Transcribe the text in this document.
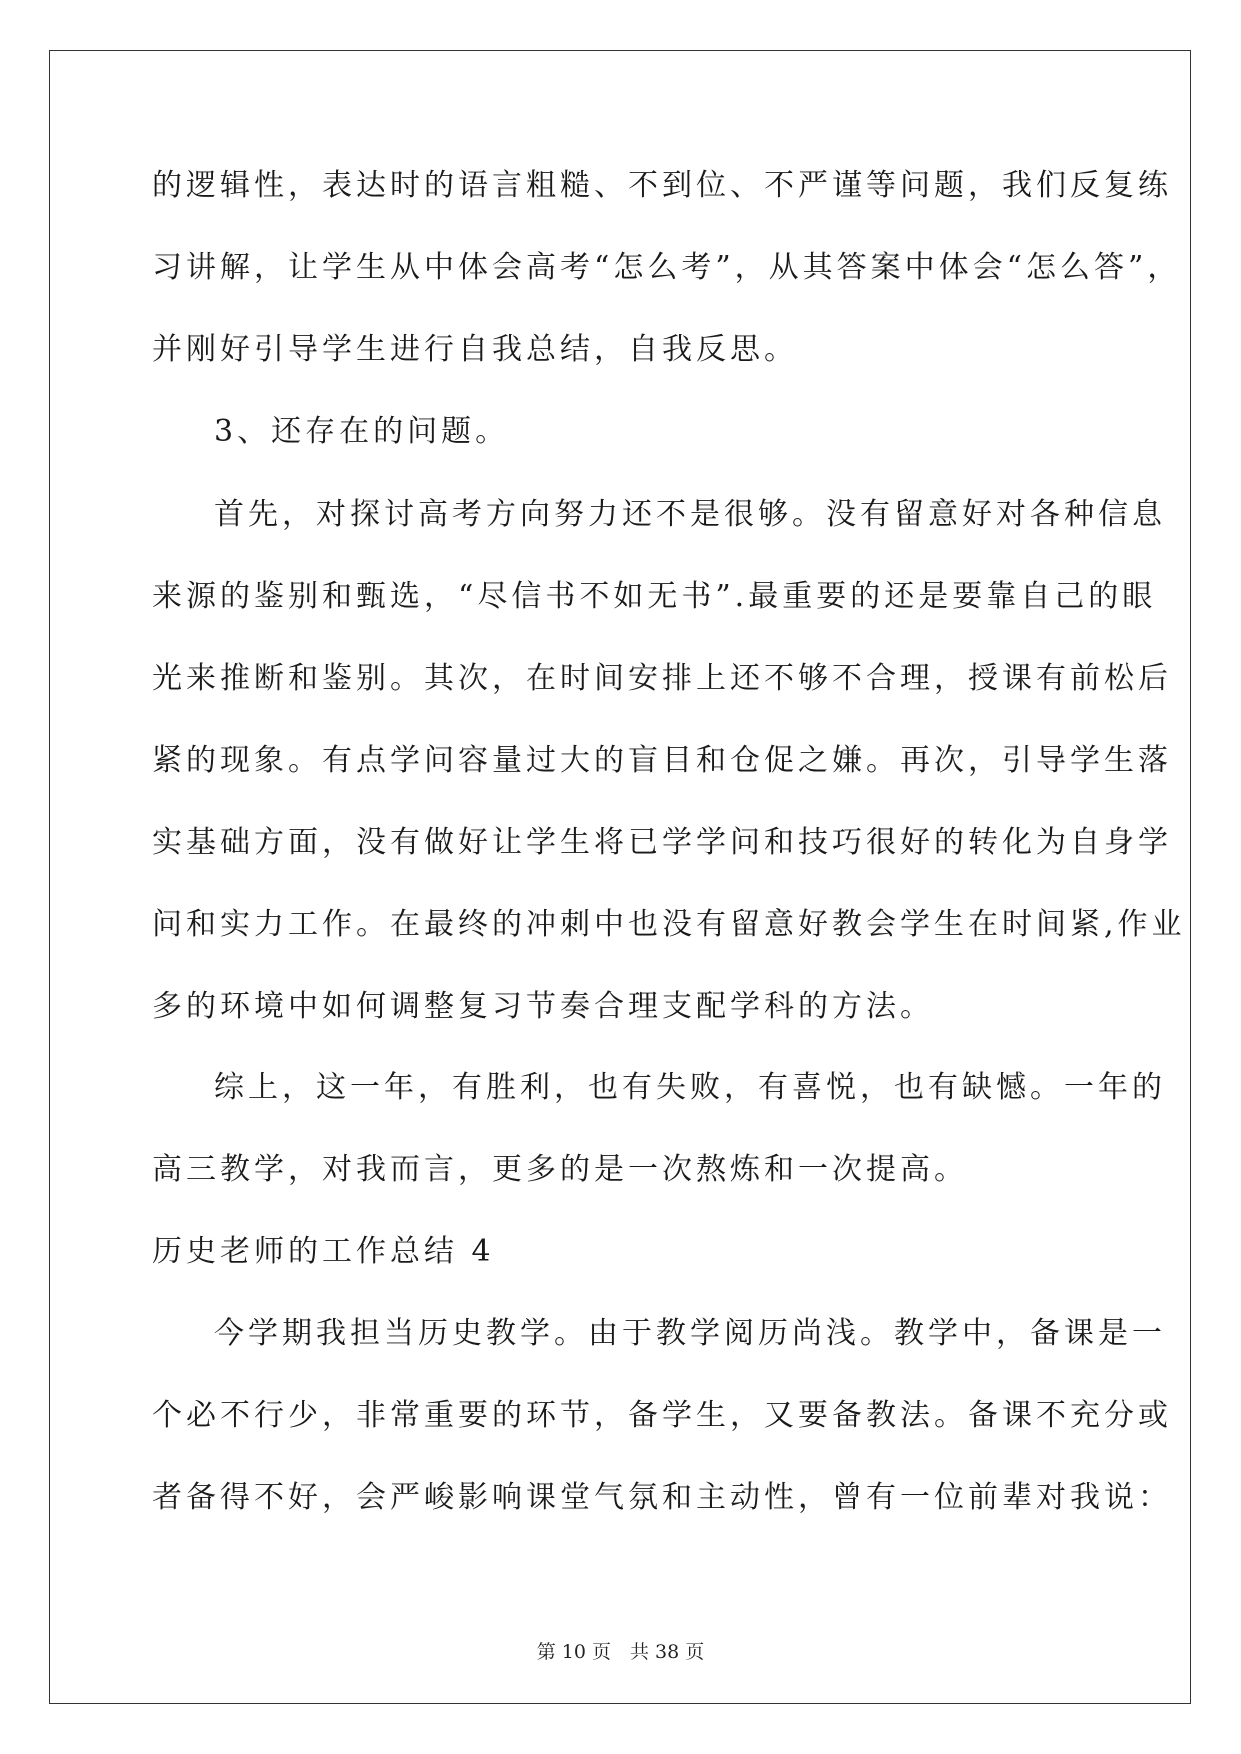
的逻辑性，表达时的语言粗糙、不到位、不严谨等问题，我们反复练
习讲解，让学生从中体会高考“怎么考”，从其答案中体会“怎么答”，
并刚好引导学生进行自我总结，自我反思。
3、还存在的问题。
首先，对探讨高考方向努力还不是很够。没有留意好对各种信息
来源的鉴别和甄选，“尽信书不如无书”.最重要的还是要靠自己的眼
光来推断和鉴别。其次，在时间安排上还不够不合理，授课有前松后
紧的现象。有点学问容量过大的盲目和仓促之嫌。再次，引导学生落
实基础方面，没有做好让学生将已学学问和技巧很好的转化为自身学
问和实力工作。在最终的冲刺中也没有留意好教会学生在时间紧,作业
多的环境中如何调整复习节奏合理支配学科的方法。
综上，这一年，有胜利，也有失败，有喜悦，也有缺憾。一年的
高三教学，对我而言，更多的是一次熬炼和一次提高。
历史老师的工作总结 4
今学期我担当历史教学。由于教学阅历尚浅。教学中，备课是一
个必不行少，非常重要的环节，备学生，又要备教法。备课不充分或
者备得不好，会严峻影响课堂气氛和主动性，曾有一位前辈对我说：
第 10 页　共 38 页
